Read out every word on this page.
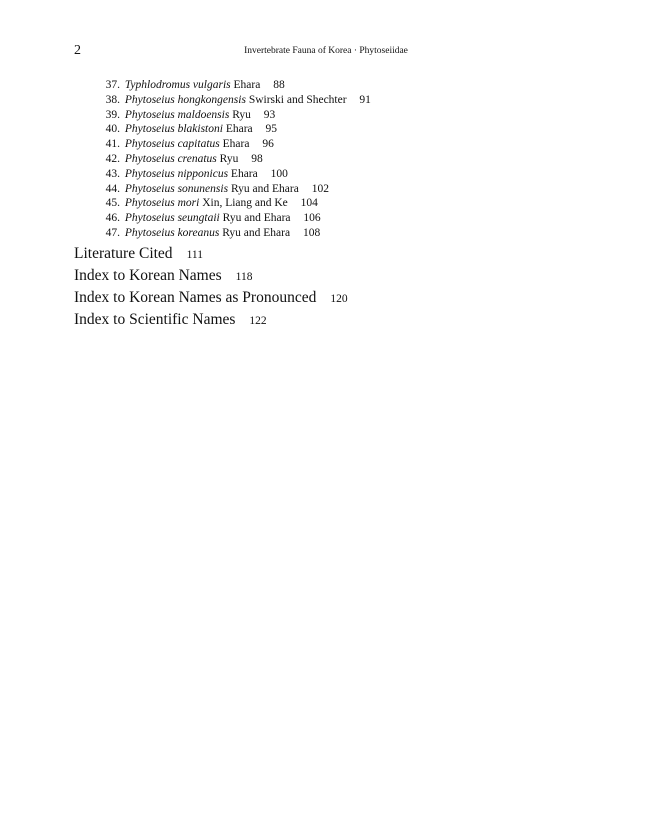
2	Invertebrate Fauna of Korea · Phytoseiidae
37. Typhlodromus vulgaris Ehara 88
38. Phytoseius hongkongensis Swirski and Shechter 91
39. Phytoseius maldoensis Ryu 93
40. Phytoseius blakistoni Ehara 95
41. Phytoseius capitatus Ehara 96
42. Phytoseius crenatus Ryu 98
43. Phytoseius nipponicus Ehara 100
44. Phytoseius sonunensis Ryu and Ehara 102
45. Phytoseius mori Xin, Liang and Ke 104
46. Phytoseius seungtaii Ryu and Ehara 106
47. Phytoseius koreanus Ryu and Ehara 108
Literature Cited 111
Index to Korean Names 118
Index to Korean Names as Pronounced 120
Index to Scientific Names 122
